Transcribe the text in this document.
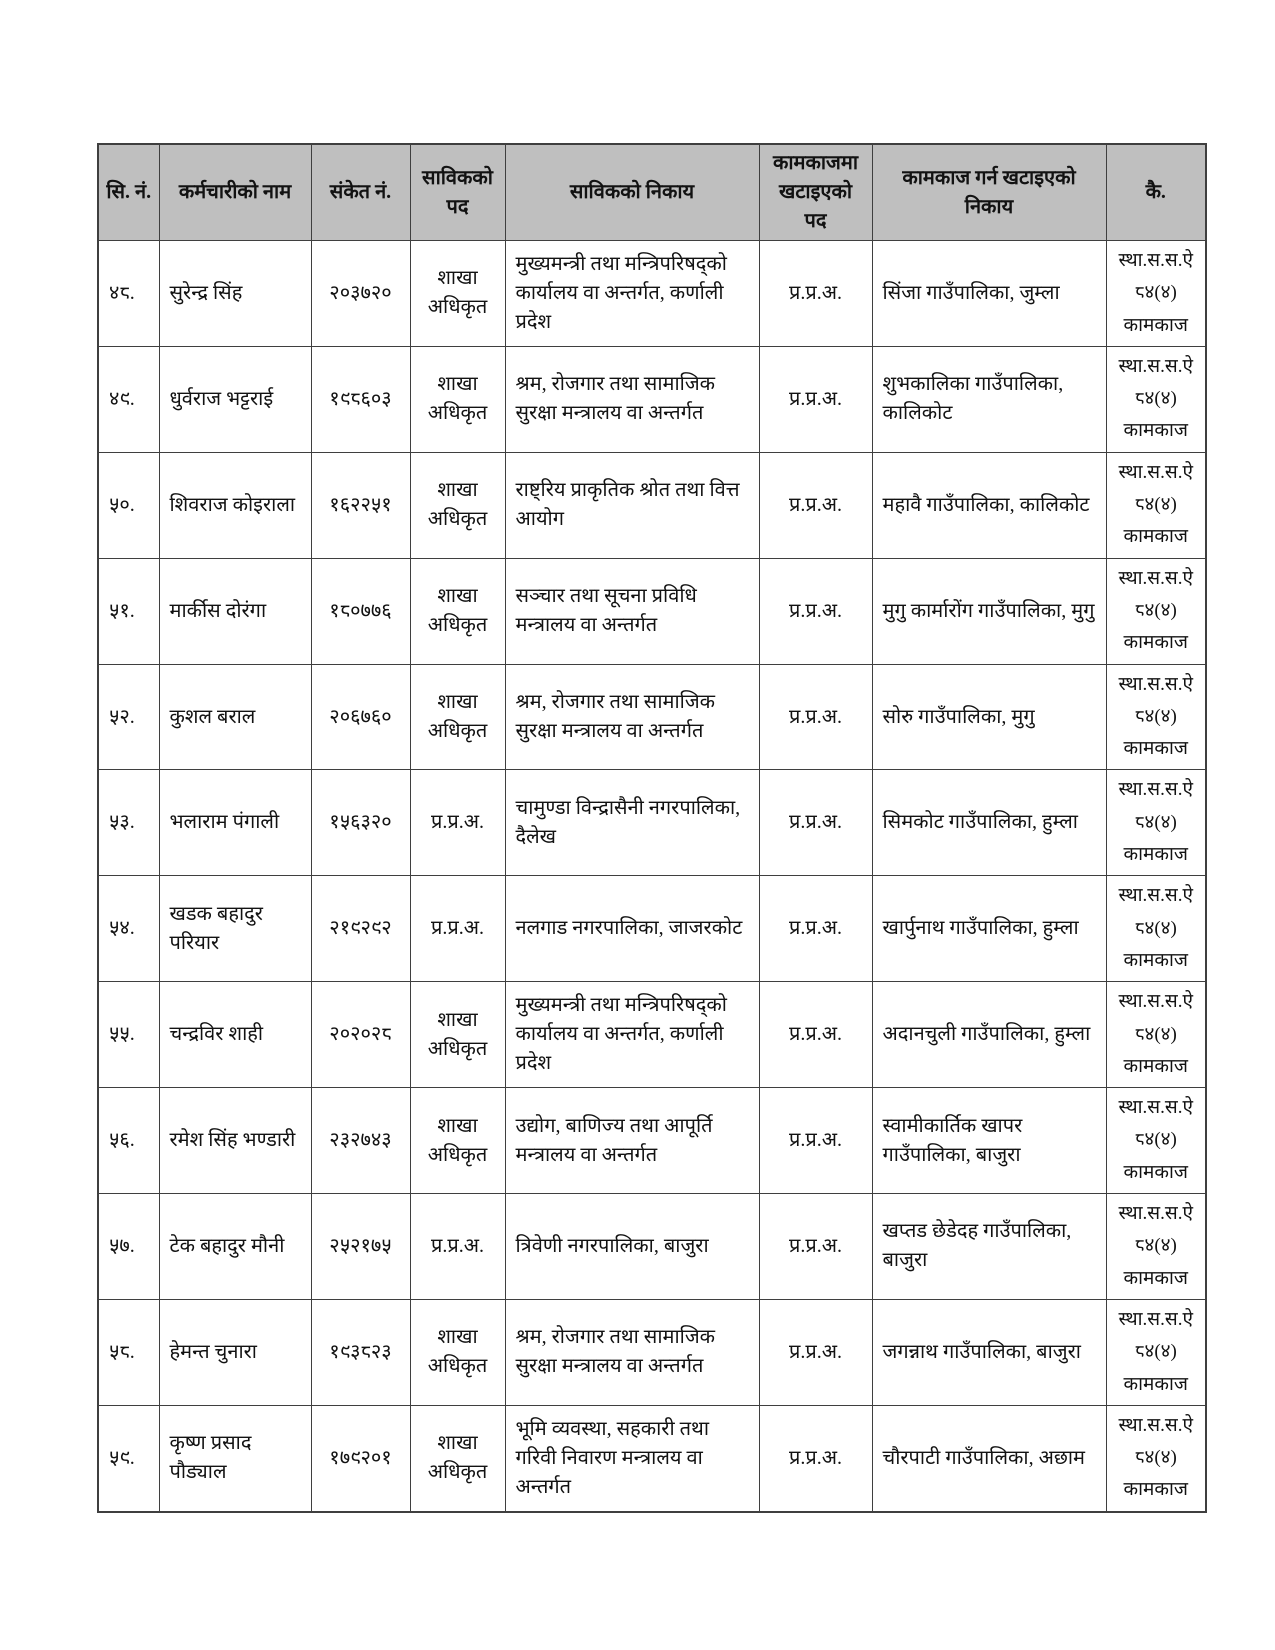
सि. नं.	कर्मचारीको नाम	संकेत नं.	साविकको पद	साविकको निकाय	कामकाजमा खटाइएको पद	कामकाज गर्न खटाइएको निकाय	कै.
४८.	सुरेन्द्र सिंह	२०३७२०	शाखा अधिकृत	मुख्यमन्त्री तथा मन्त्रिपरिषद्को कार्यालय वा अन्तर्गत, कर्णाली प्रदेश	प्र.प्र.अ.	सिंजा गाउँपालिका, जुम्ला	स्था.स.स.ऐ ८४(४) कामकाज
४९.	धुर्वराज भट्टराई	१९८६०३	शाखा अधिकृत	श्रम, रोजगार तथा सामाजिक सुरक्षा मन्त्रालय वा अन्तर्गत	प्र.प्र.अ.	शुभकालिका गाउँपालिका, कालिकोट	स्था.स.स.ऐ ८४(४) कामकाज
५०.	शिवराज कोइराला	१६२२५१	शाखा अधिकृत	राष्ट्रिय प्राकृतिक श्रोत तथा वित्त आयोग	प्र.प्र.अ.	महावै गाउँपालिका, कालिकोट	स्था.स.स.ऐ ८४(४) कामकाज
५१.	मार्कीस दोरंगा	१८०७७६	शाखा अधिकृत	सञ्चार तथा सूचना प्रविधि मन्त्रालय वा अन्तर्गत	प्र.प्र.अ.	मुगु कार्मारोंग गाउँपालिका, मुगु	स्था.स.स.ऐ ८४(४) कामकाज
५२.	कुशल बराल	२०६७६०	शाखा अधिकृत	श्रम, रोजगार तथा सामाजिक सुरक्षा मन्त्रालय वा अन्तर्गत	प्र.प्र.अ.	सोरु गाउँपालिका, मुगु	स्था.स.स.ऐ ८४(४) कामकाज
५३.	भलाराम पंगाली	१५६३२०	प्र.प्र.अ.	चामुण्डा विन्द्रासैनी नगरपालिका, दैलेख	प्र.प्र.अ.	सिमकोट गाउँपालिका, हुम्ला	स्था.स.स.ऐ ८४(४) कामकाज
५४.	खडक बहादुर परियार	२१९२९२	प्र.प्र.अ.	नलगाड नगरपालिका, जाजरकोट	प्र.प्र.अ.	खार्पुनाथ गाउँपालिका, हुम्ला	स्था.स.स.ऐ ८४(४) कामकाज
५५.	चन्द्रविर शाही	२०२०२८	शाखा अधिकृत	मुख्यमन्त्री तथा मन्त्रिपरिषद्को कार्यालय वा अन्तर्गत, कर्णाली प्रदेश	प्र.प्र.अ.	अदानचुली गाउँपालिका, हुम्ला	स्था.स.स.ऐ ८४(४) कामकाज
५६.	रमेश सिंह भण्डारी	२३२७४३	शाखा अधिकृत	उद्योग, बाणिज्य तथा आपूर्ति मन्त्रालय वा अन्तर्गत	प्र.प्र.अ.	स्वामीकार्तिक खापर गाउँपालिका, बाजुरा	स्था.स.स.ऐ ८४(४) कामकाज
५७.	टेक बहादुर मौनी	२५२१७५	प्र.प्र.अ.	त्रिवेणी नगरपालिका, बाजुरा	प्र.प्र.अ.	खप्तड छेडेदह गाउँपालिका, बाजुरा	स्था.स.स.ऐ ८४(४) कामकाज
५८.	हेमन्त चुनारा	१९३८२३	शाखा अधिकृत	श्रम, रोजगार तथा सामाजिक सुरक्षा मन्त्रालय वा अन्तर्गत	प्र.प्र.अ.	जगन्नाथ गाउँपालिका, बाजुरा	स्था.स.स.ऐ ८४(४) कामकाज
५९.	कृष्ण प्रसाद पौड्याल	१७९२०१	शाखा अधिकृत	भूमि व्यवस्था, सहकारी तथा गरिवी निवारण मन्त्रालय वा अन्तर्गत	प्र.प्र.अ.	चौरपाटी गाउँपालिका, अछाम	स्था.स.स.ऐ ८४(४) कामकाज
